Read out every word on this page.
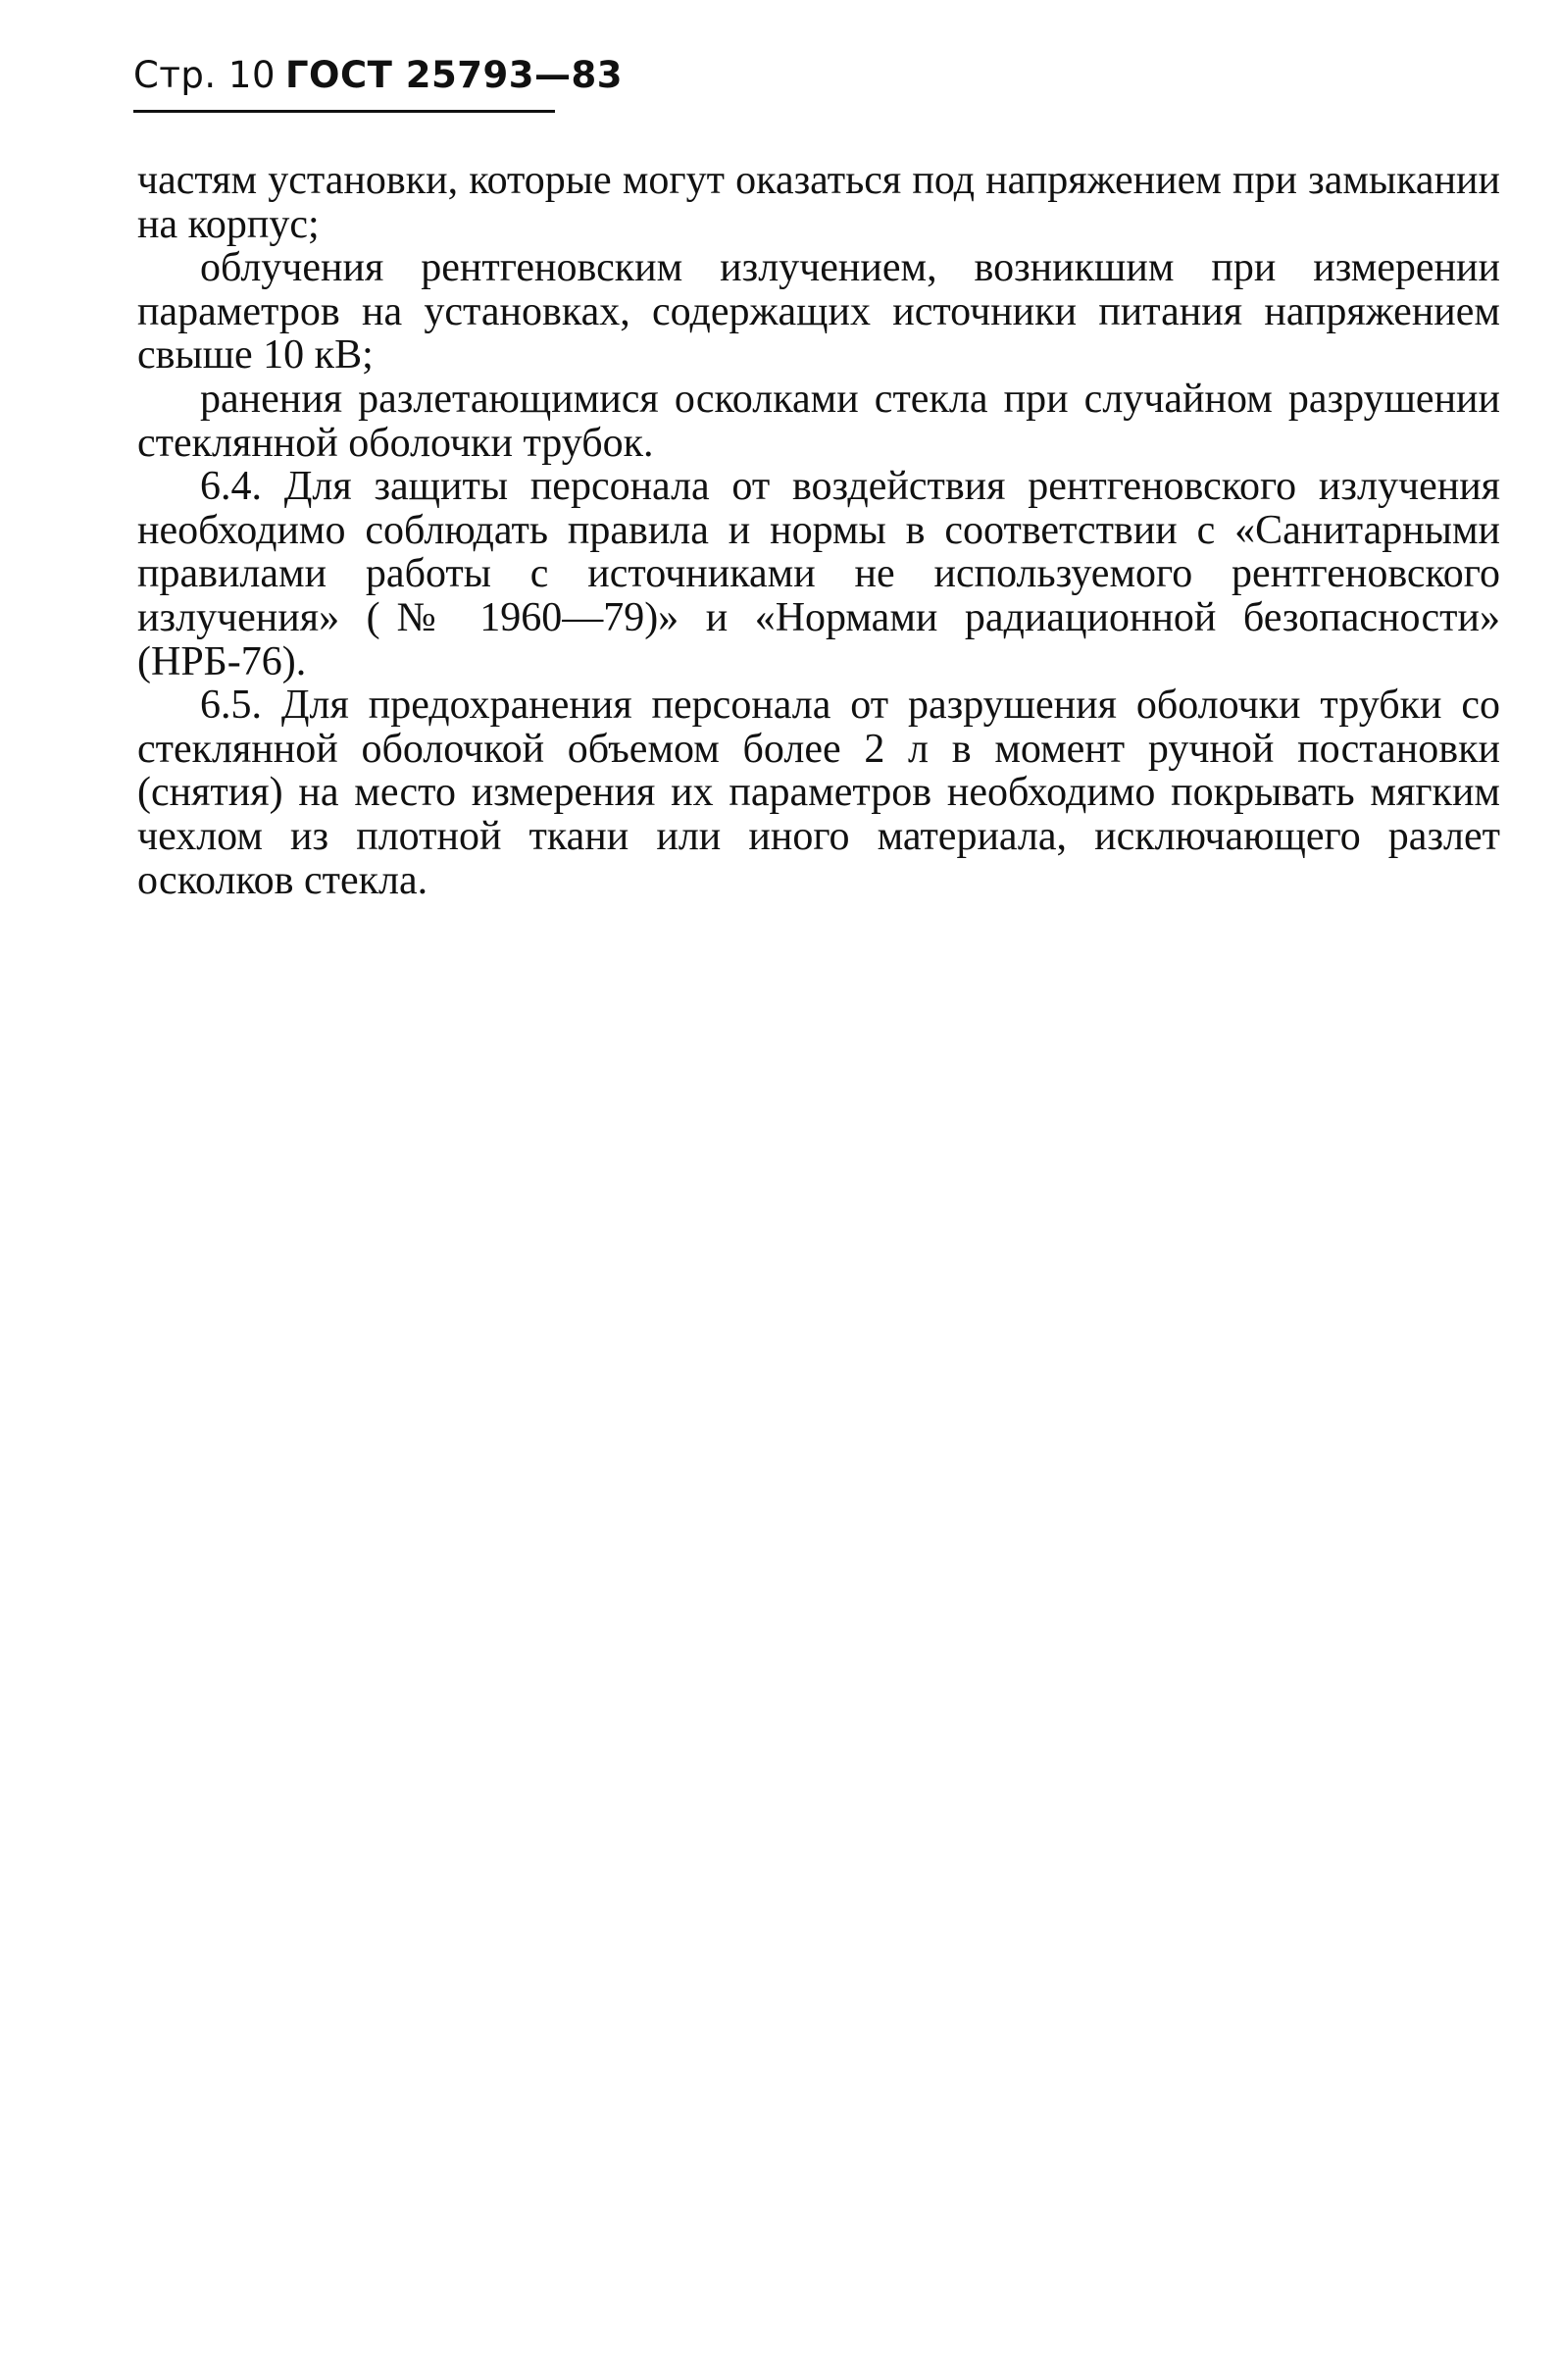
Стр. 10 ГОСТ 25793—83

частям установки, которые могут оказаться под напряжением при замыкании на корпус;

облучения рентгеновским излучением, возникшим при измерении параметров на установках, содержащих источники питания напряжением свыше 10 кВ;

ранения разлетающимися осколками стекла при случайном разрушении стеклянной оболочки трубок.

6.4. Для защиты персонала от воздействия рентгеновского излучения необходимо соблюдать правила и нормы в соответствии с «Санитарными правилами работы с источниками не используемого рентгеновского излучения» (№ 1960—79)» и «Нормами радиационной безопасности» (НРБ-76).

6.5. Для предохранения персонала от разрушения оболочки трубки со стеклянной оболочкой объемом более 2 л в момент ручной постановки (снятия) на место измерения их параметров необходимо покрывать мягким чехлом из плотной ткани или иного материала, исключающего разлет осколков стекла.
